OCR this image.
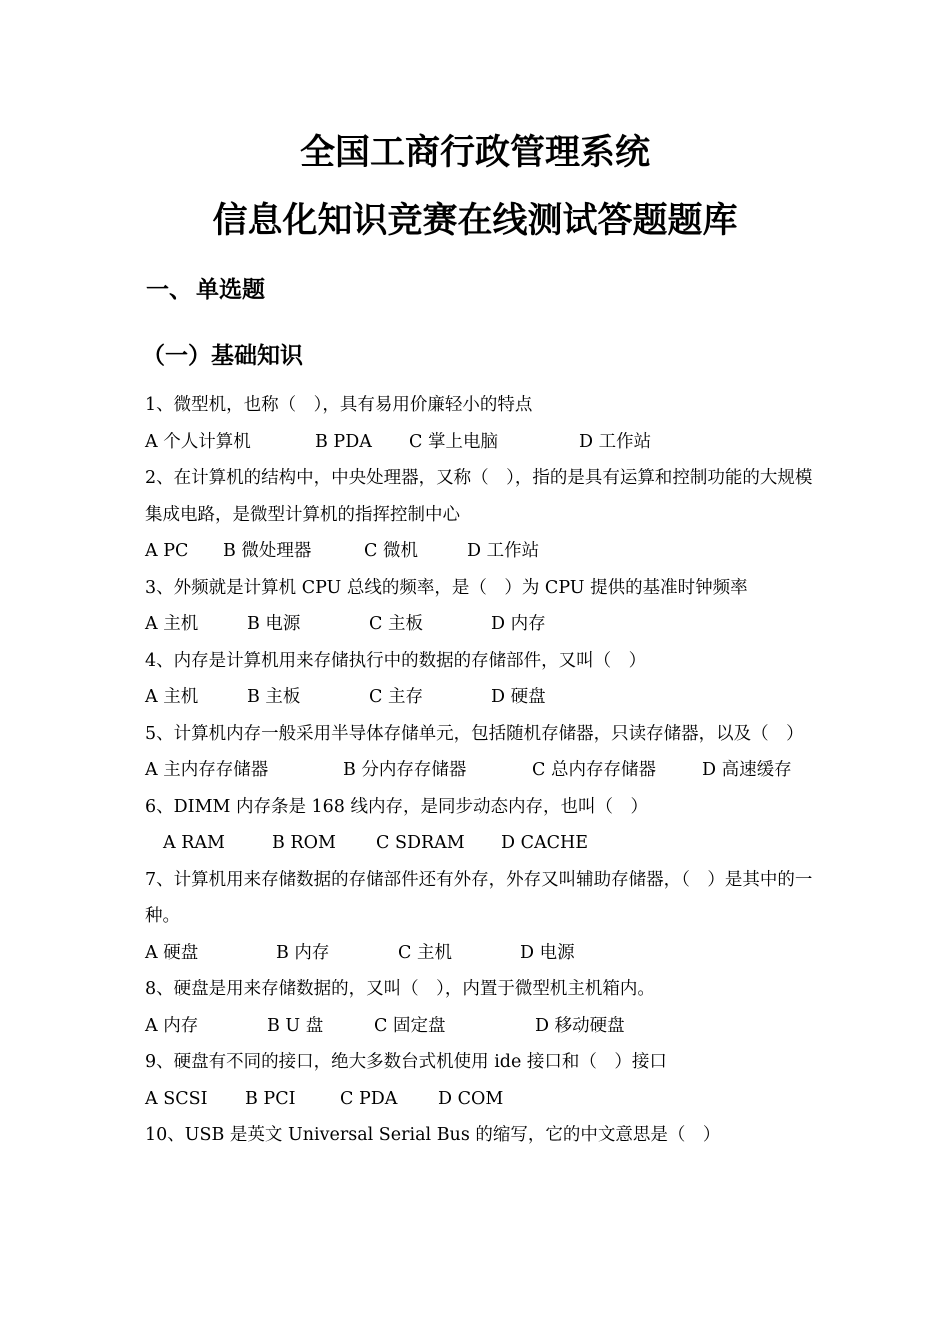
全国工商行政管理系统
信息化知识竞赛在线测试答题题库
一、 单选题
（一）基础知识

1、微型机，也称（　），具有易用价廉轻小的特点

A 个人计算机	B PDA C 掌上电脑	D 工作站

2、在计算机的结构中，中央处理器，又称（　），指的是具有运算和控制功能的大规模集成电路，是微型计算机的指挥控制中心

A PC B 微处理器	C 微机	D 工作站

3、外频就是计算机 CPU 总线的频率，是（　）为 CPU 提供的基准时钟频率

A 主机	B 电源	C 主板	D 内存

4、内存是计算机用来存储执行中的数据的存储部件，又叫（　）

A 主机	B 主板	C 主存	D 硬盘

5、计算机内存一般采用半导体存储单元，包括随机存储器，只读存储器，以及（　）

A 主内存存储器	B 分内存存储器	C 总内存存储器	D 高速缓存

6、DIMM 内存条是 168 线内存，是同步动态内存，也叫（　）

A RAM	B ROM C SDRAM D CACHE

7、计算机用来存储数据的存储部件还有外存，外存又叫辅助存储器，（　）是其中的一种。

A 硬盘	B 内存	C 主机	D 电源

8、硬盘是用来存储数据的，又叫（　），内置于微型机主机箱内。

A 内存	B U 盘	C 固定盘	D 移动硬盘

9、硬盘有不同的接口，绝大多数台式机使用 ide 接口和（　）接口

A SCSI B PCI	C PDA D COM

10、USB 是英文 Universal Serial Bus 的缩写，它的中文意思是（　）
